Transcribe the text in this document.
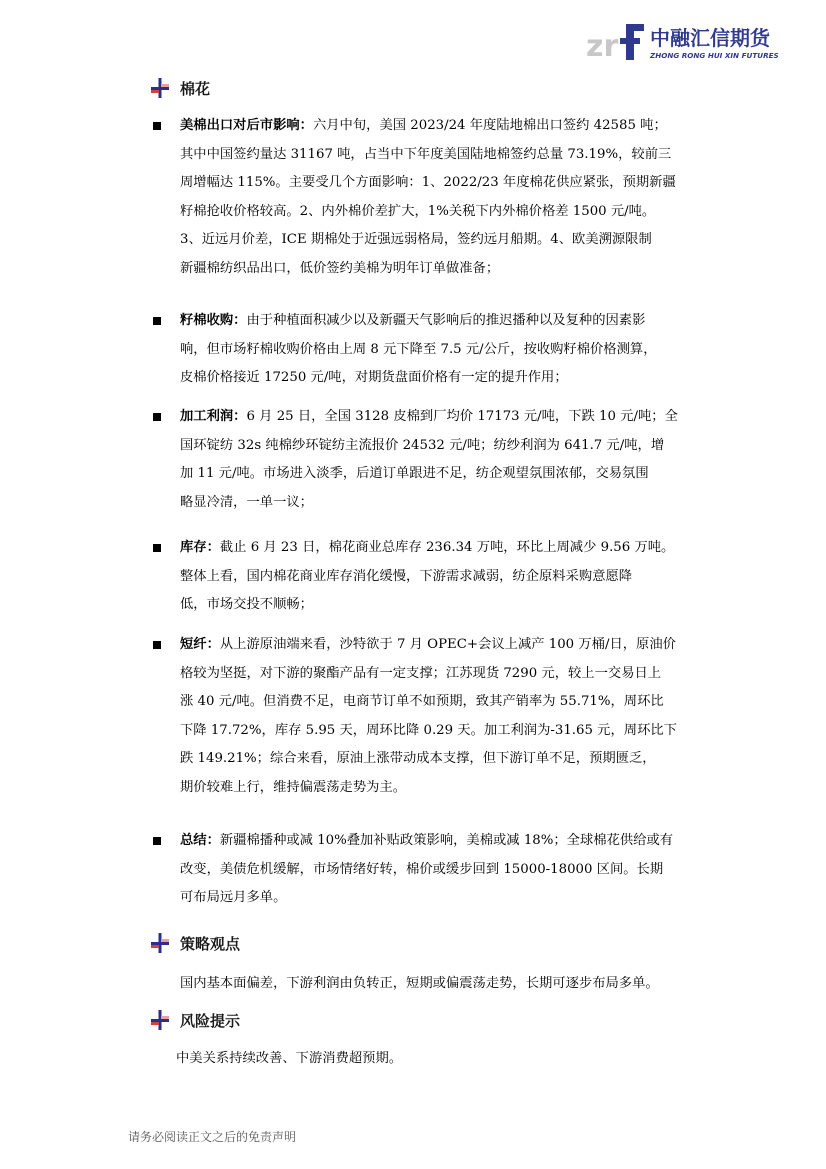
zr 中融汇信期货
ZHONG RONG HUI XIN FUTURES
棉花
美棉出口对后市影响：六月中旬，美国 2023/24 年度陆地棉出口签约 42585 吨；
其中中国签约量达 31167 吨，占当中下年度美国陆地棉签约总量 73.19%，较前三
周增幅达 115%。主要受几个方面影响：1、2022/23 年度棉花供应紧张，预期新疆
籽棉抢收价格较高。2、内外棉价差扩大，1%关税下内外棉价格差 1500 元/吨。
3、近远月价差，ICE 期棉处于近强远弱格局，签约远月船期。4、欧美溯源限制
新疆棉纺织品出口，低价签约美棉为明年订单做准备；
籽棉收购：由于种植面积减少以及新疆天气影响后的推迟播种以及复种的因素影
响，但市场籽棉收购价格由上周 8 元下降至 7.5 元/公斤，按收购籽棉价格测算，
皮棉价格接近 17250 元/吨，对期货盘面价格有一定的提升作用；
加工利润：6 月 25 日，全国 3128 皮棉到厂均价 17173 元/吨，下跌 10 元/吨；全
国环锭纺 32s 纯棉纱环锭纺主流报价 24532 元/吨；纺纱利润为 641.7 元/吨，增
加 11 元/吨。市场进入淡季，后道订单跟进不足，纺企观望氛围浓郁，交易氛围
略显冷清，一单一议；
库存：截止 6 月 23 日，棉花商业总库存 236.34 万吨，环比上周减少 9.56 万吨。
整体上看，国内棉花商业库存消化缓慢，下游需求减弱，纺企原料采购意愿降
低，市场交投不顺畅；
短纤：从上游原油端来看，沙特欲于 7 月 OPEC+会议上减产 100 万桶/日，原油价
格较为坚挺，对下游的聚酯产品有一定支撑；江苏现货 7290 元，较上一交易日上
涨 40 元/吨。但消费不足，电商节订单不如预期，致其产销率为 55.71%，周环比
下降 17.72%，库存 5.95 天，周环比降 0.29 天。加工利润为-31.65 元，周环比下
跌 149.21%；综合来看，原油上涨带动成本支撑，但下游订单不足，预期匮乏，
期价较难上行，维持偏震荡走势为主。
总结：新疆棉播种或减 10%叠加补贴政策影响，美棉或减 18%；全球棉花供给或有
改变，美债危机缓解，市场情绪好转，棉价或缓步回到 15000-18000 区间。长期
可布局远月多单。
策略观点
国内基本面偏差，下游利润由负转正，短期或偏震荡走势，长期可逐步布局多单。
风险提示
中美关系持续改善、下游消费超预期。
请务必阅读正文之后的免责声明
